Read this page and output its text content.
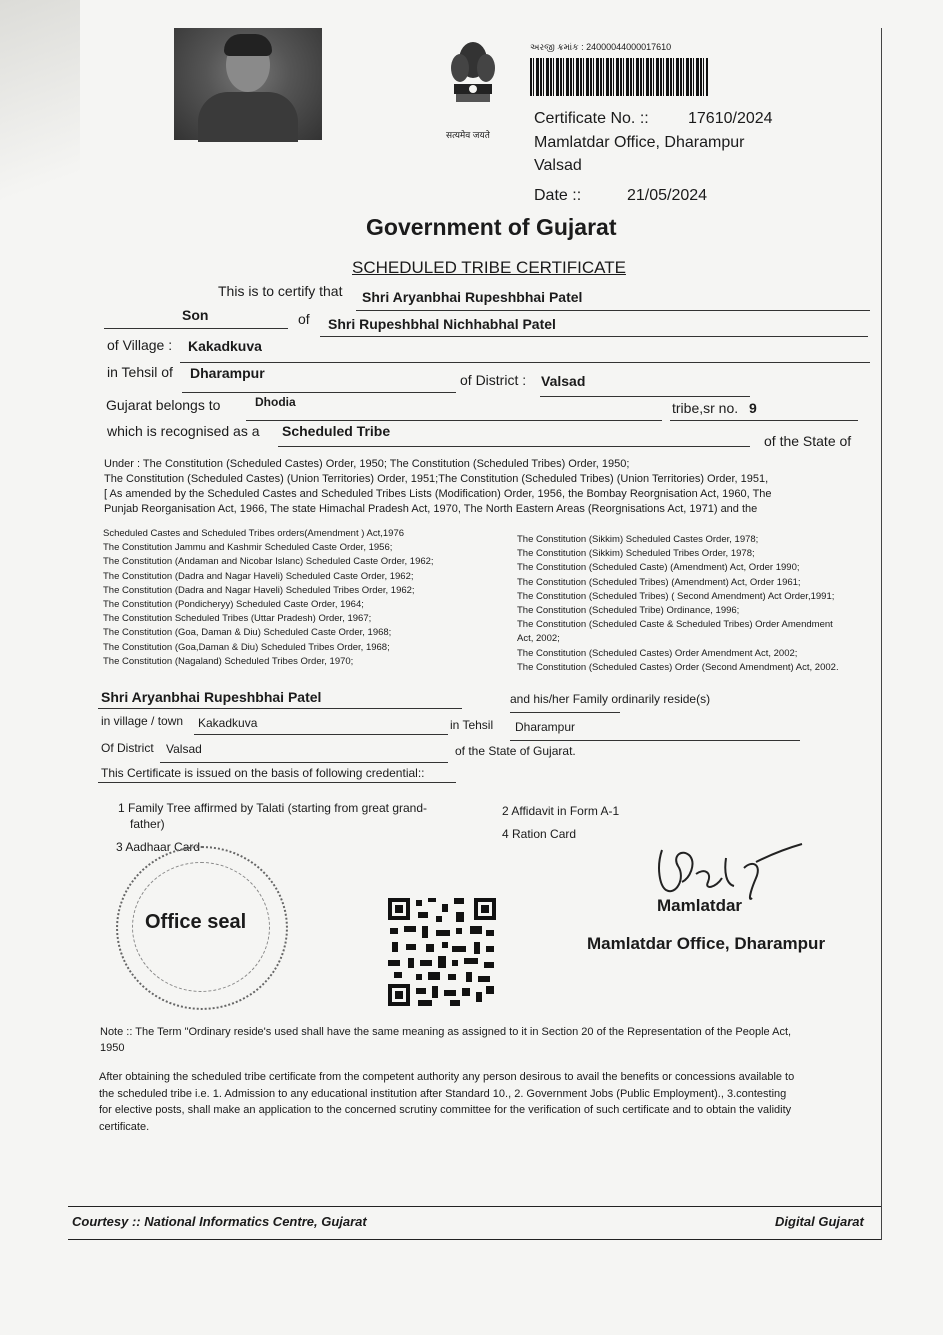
सत्यमेव जयते
અરજી ક્રમાંક : 24000044000017610
Certificate No. :: 17610/2024
Mamlatdar Office, Dharampur
Valsad
Date ::	21/05/2024
Government of Gujarat
SCHEDULED TRIBE CERTIFICATE
This is to certify that Shri Aryanbhai Rupeshbhai Patel
Son	of Shri Rupeshbhal Nichhabhal Patel
of Village : Kakadkuva
in Tehsil of Dharampur	of District : Valsad
Gujarat belongs to	Dhodia	tribe,sr no. 9
which is recognised as a Scheduled Tribe
of the State of
Under : The Constitution (Scheduled Castes) Order, 1950; The Constitution (Scheduled Tribes) Order, 1950;
The Constitution (Scheduled Castes) (Union Territories) Order, 1951;The Constitution (Scheduled Tribes) (Union Territories) Order, 1951,
[ As amended by the Scheduled Castes and Scheduled Tribes Lists (Modification) Order, 1956, the Bombay Reorgnisation Act, 1960, The
Punjab Reorganisation Act, 1966, The state Himachal Pradesh Act, 1970, The North Eastern Areas (Reorgnisations Act, 1971) and the
Scheduled Castes and Scheduled Tribes orders(Amendment ) Act,1976
The Constitution Jammu and Kashmir Scheduled Caste Order, 1956;
The Constitution (Andaman and Nicobar Islanc) Scheduled Caste Order, 1962;
The Constitution (Dadra and Nagar Haveli) Scheduled Caste Order, 1962;
The Constitution (Dadra and Nagar Haveli) Scheduled Tribes Order, 1962;
The Constitution (Pondicheryy) Scheduled Caste Order, 1964;
The Constitution Scheduled Tribes (Uttar Pradesh) Order, 1967;
The Constitution (Goa, Daman & Diu) Scheduled Caste Order, 1968;
The Constitution (Goa,Daman & Diu) Scheduled Tribes Order, 1968;
The Constitution (Nagaland) Scheduled Tribes Order, 1970;
The Constitution (Sikkim) Scheduled Castes Order, 1978;
The Constitution (Sikkim) Scheduled Tribes Order, 1978;
The Constitution (Scheduled Caste) (Amendment) Act, Order 1990;
The Constitution (Scheduled Tribes) (Amendment) Act, Order 1961;
The Constitution (Scheduled Tribes) ( Second Amendment) Act Order,1991;
The Constitution (Scheduled Tribe) Ordinance, 1996;
The Constitution (Scheduled Caste & Scheduled Tribes) Order Amendment
Act, 2002;
The Constitution (Scheduled Castes) Order Amendment Act, 2002;
The Constitution (Scheduled Castes) Order (Second Amendment) Act, 2002.
Shri Aryanbhai Rupeshbhai Patel	and his/her Family ordinarily reside(s)
in village / town Kakadkuva	in Tehsil Dharampur
Of District Valsad	of the State of Gujarat.
This Certificate is issued on the basis of following credential::
1 Family Tree affirmed by Talati (starting from great grand-
father)
2 Affidavit in Form A-1
3 Aadhaar Card
4 Ration Card
Office seal
Mamlatdar
Mamlatdar Office, Dharampur
Note :: The Term "Ordinary reside's used shall have the same meaning as assigned to it in Section 20 of the Representation of the People Act,
1950
After obtaining the scheduled tribe certificate from the competent authority any person desirous to avail the benefits or concessions available to
the scheduled tribe i.e. 1. Admission to any educational institution after Standard 10., 2. Government Jobs (Public Employment)., 3.contesting
for elective posts, shall make an application to the concerned scrutiny committee for the verification of such certificate and to obtain the validity
certificate.
Courtesy :: National Informatics Centre, Gujarat	Digital Gujarat
